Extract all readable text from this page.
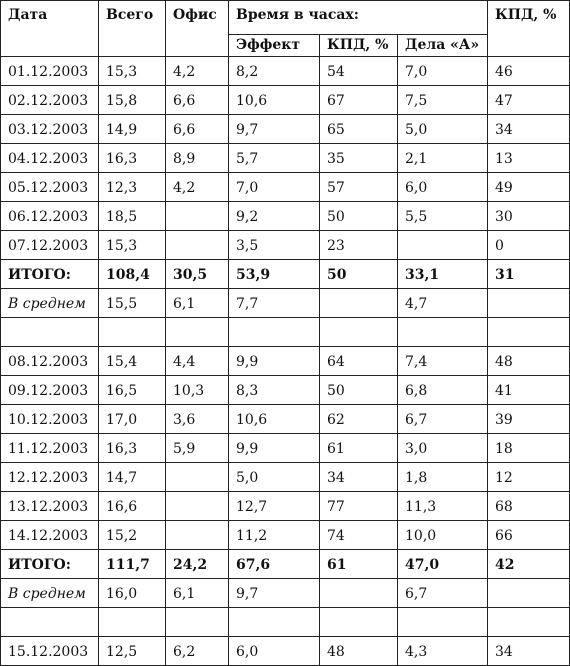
Дата	Всего	Офис	Время в часах:			КПД, %
			Эффект	КПД, %	Дела «А»	
01.12.2003	15,3	4,2	8,2	54	7,0	46
02.12.2003	15,8	6,6	10,6	67	7,5	47
03.12.2003	14,9	6,6	9,7	65	5,0	34
04.12.2003	16,3	8,9	5,7	35	2,1	13
05.12.2003	12,3	4,2	7,0	57	6,0	49
06.12.2003	18,5		9,2	50	5,5	30
07.12.2003	15,3		3,5	23		0
ИТОГО:	108,4	30,5	53,9	50	33,1	31
В среднем	15,5	6,1	7,7		4,7	

08.12.2003	15,4	4,4	9,9	64	7,4	48
09.12.2003	16,5	10,3	8,3	50	6,8	41
10.12.2003	17,0	3,6	10,6	62	6,7	39
11.12.2003	16,3	5,9	9,9	61	3,0	18
12.12.2003	14,7		5,0	34	1,8	12
13.12.2003	16,6		12,7	77	11,3	68
14.12.2003	15,2		11,2	74	10,0	66
ИТОГО:	111,7	24,2	67,6	61	47,0	42
В среднем	16,0	6,1	9,7		6,7	

15.12.2003	12,5	6,2	6,0	48	4,3	34
